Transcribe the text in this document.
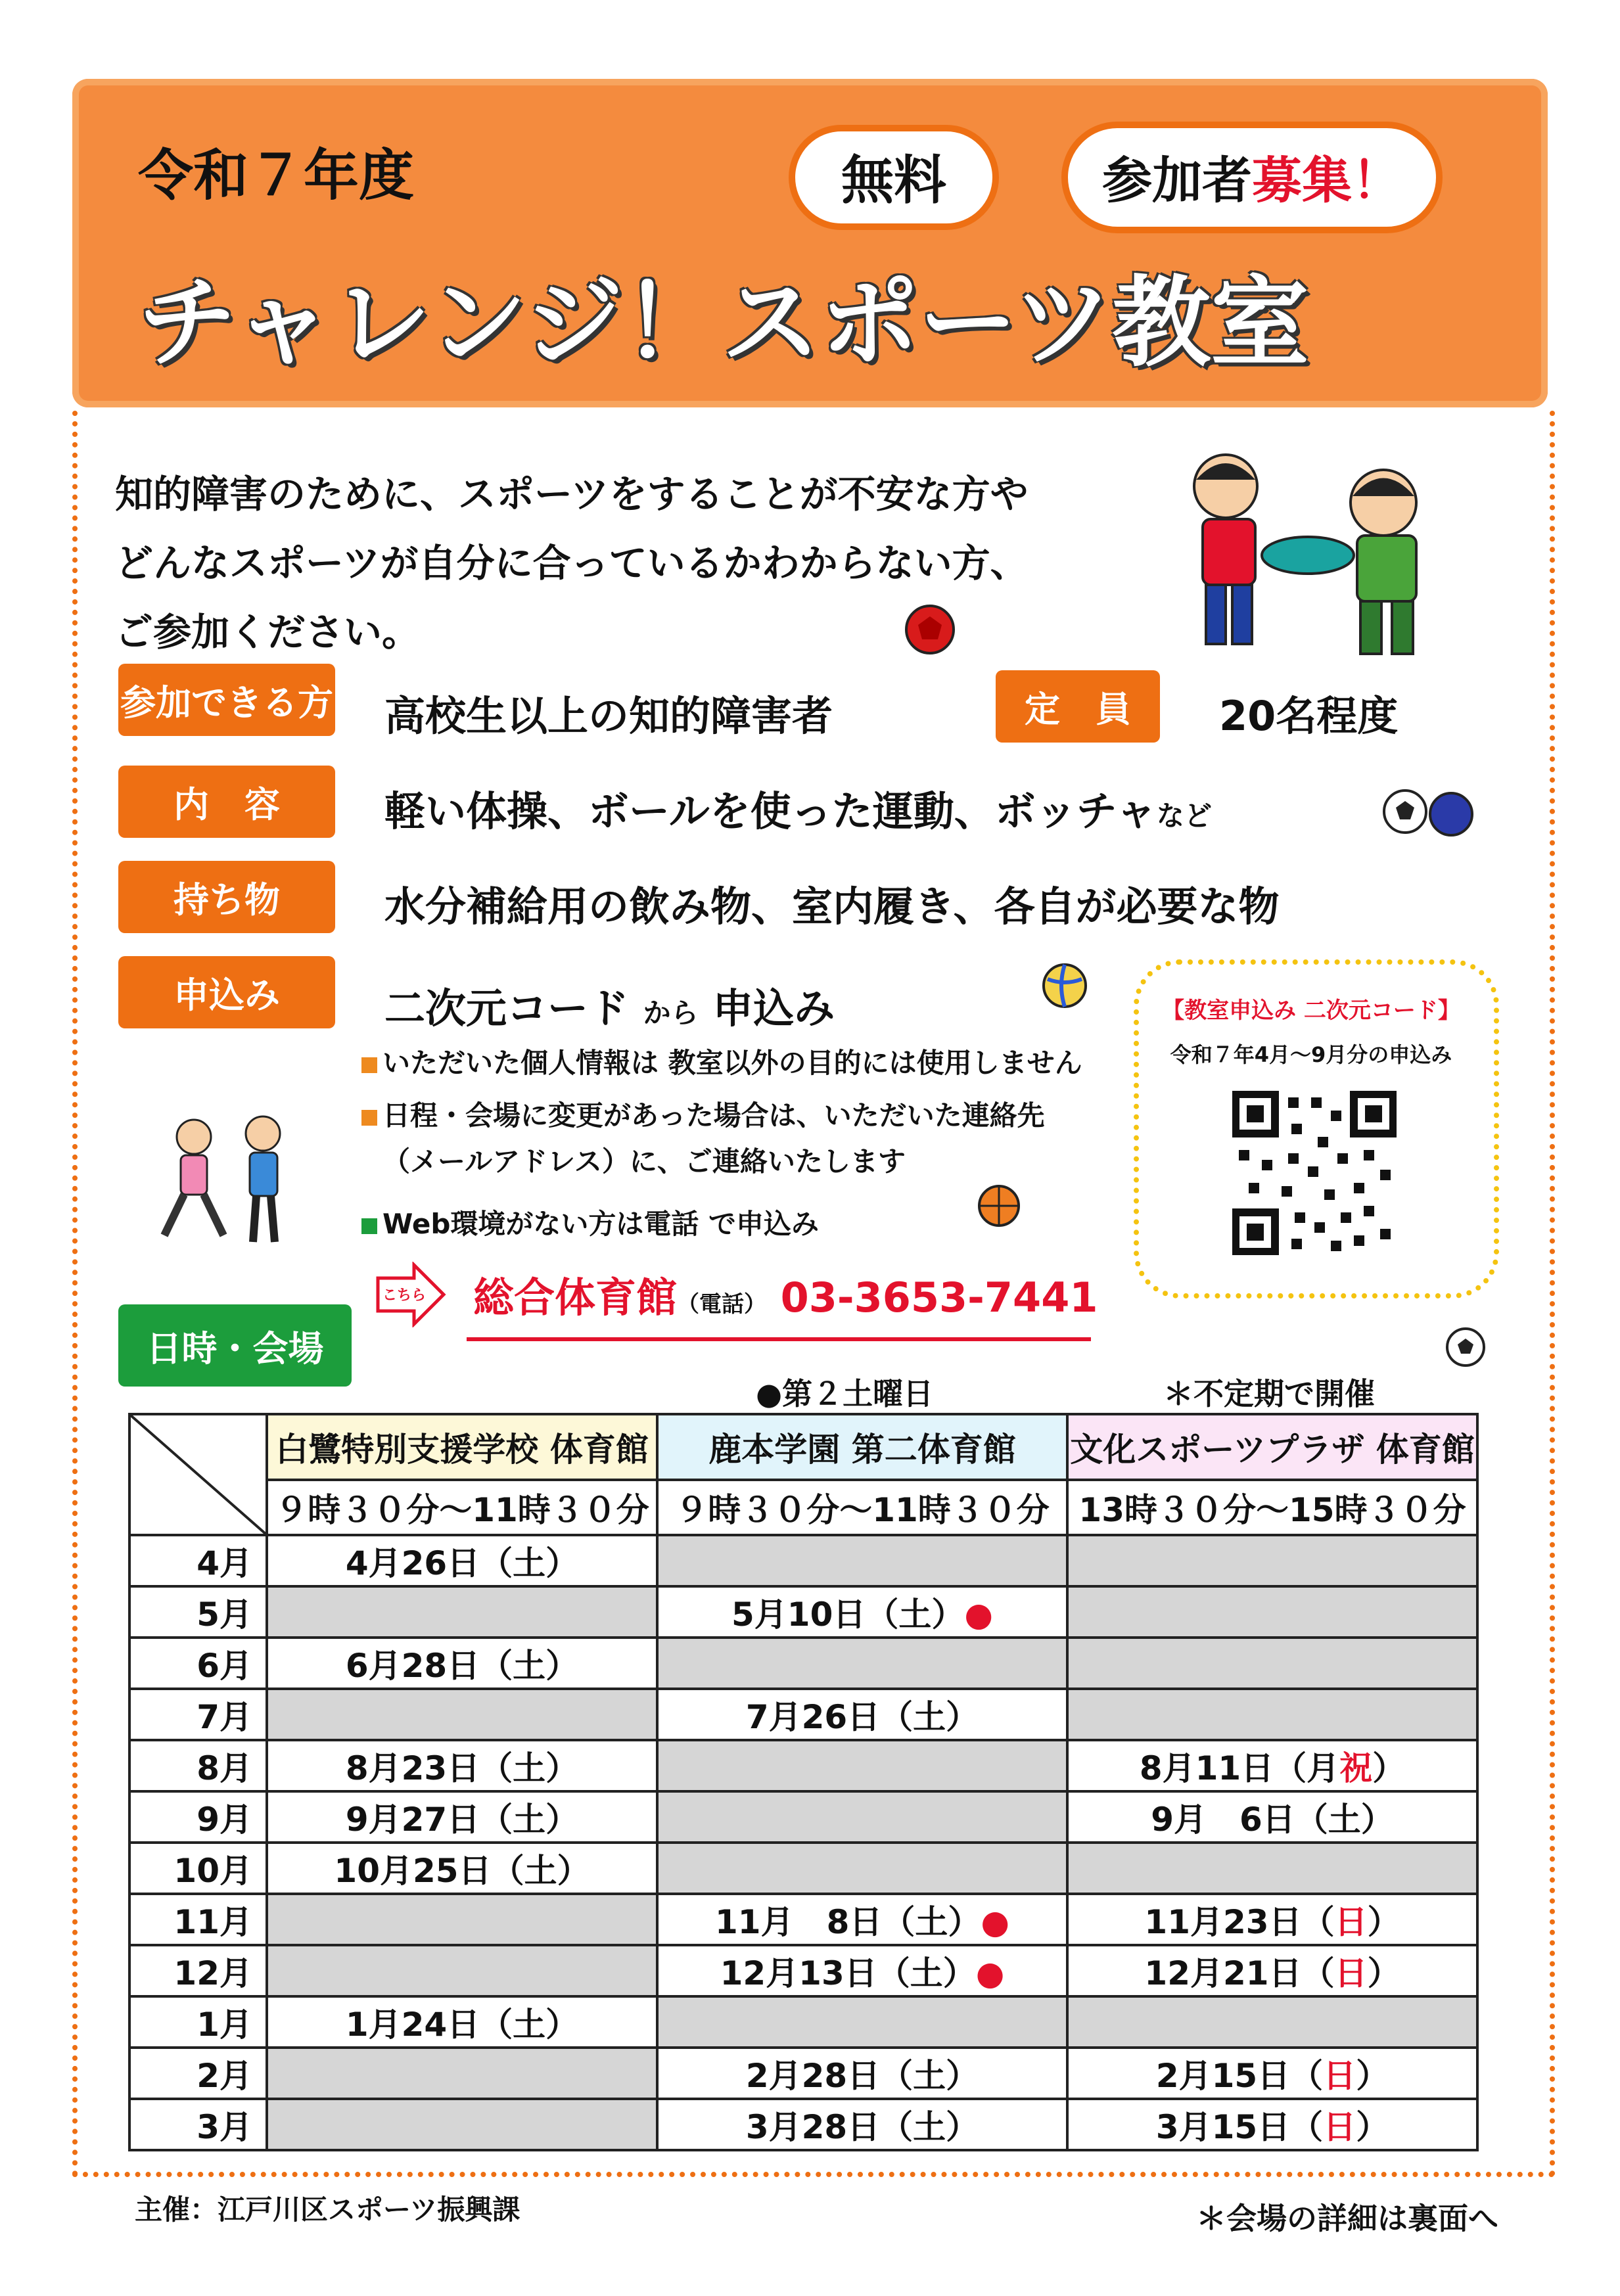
令和７年度	無料	参加者募集！
チャレンジ！スポーツ教室
知的障害のために、スポーツをすることが不安な方や
どんなスポーツが自分に合っているかわからない方、
ご参加ください。
参加できる方 高校生以上の知的障害者	定　員	20名程度
内　容	軽い体操、ボールを使った運動、ボッチャなど
持ち物	水分補給用の飲み物、室内履き、各自が必要な物
申込み	二次元コード から 申込み
いただいた個人情報は 教室以外の目的には使用しません
日程・会場に変更があった場合は、いただいた連絡先
（メールアドレス）に、ご連絡いたします
Web環境がない方は電話 で申込み
【教室申込み 二次元コード】
令和７年4月～9月分の申込み
こちら 総合体育館（電話） 03-3653-7441
日時・会場
●第２土曜日	＊不定期で開催
	白鷺特別支援学校 体育館	鹿本学園 第二体育館	文化スポーツプラザ 体育館
	９時３０分～11時３０分	９時３０分～11時３０分	13時３０分～15時３０分
4月	4月26日（土）		
5月		5月10日（土）●	
6月	6月28日（土）		
7月		7月26日（土）	
8月	8月23日（土）		8月11日（月祝）
9月	9月27日（土）		9月　6日（土）
10月	10月25日（土）		
11月		11月　8日（土）●	11月23日（日）
12月		12月13日（土）●	12月21日（日）
1月	1月24日（土）		
2月		2月28日（土）	2月15日（日）
3月		3月28日（土）	3月15日（日）
主催：江戸川区スポーツ振興課	＊会場の詳細は裏面へ
